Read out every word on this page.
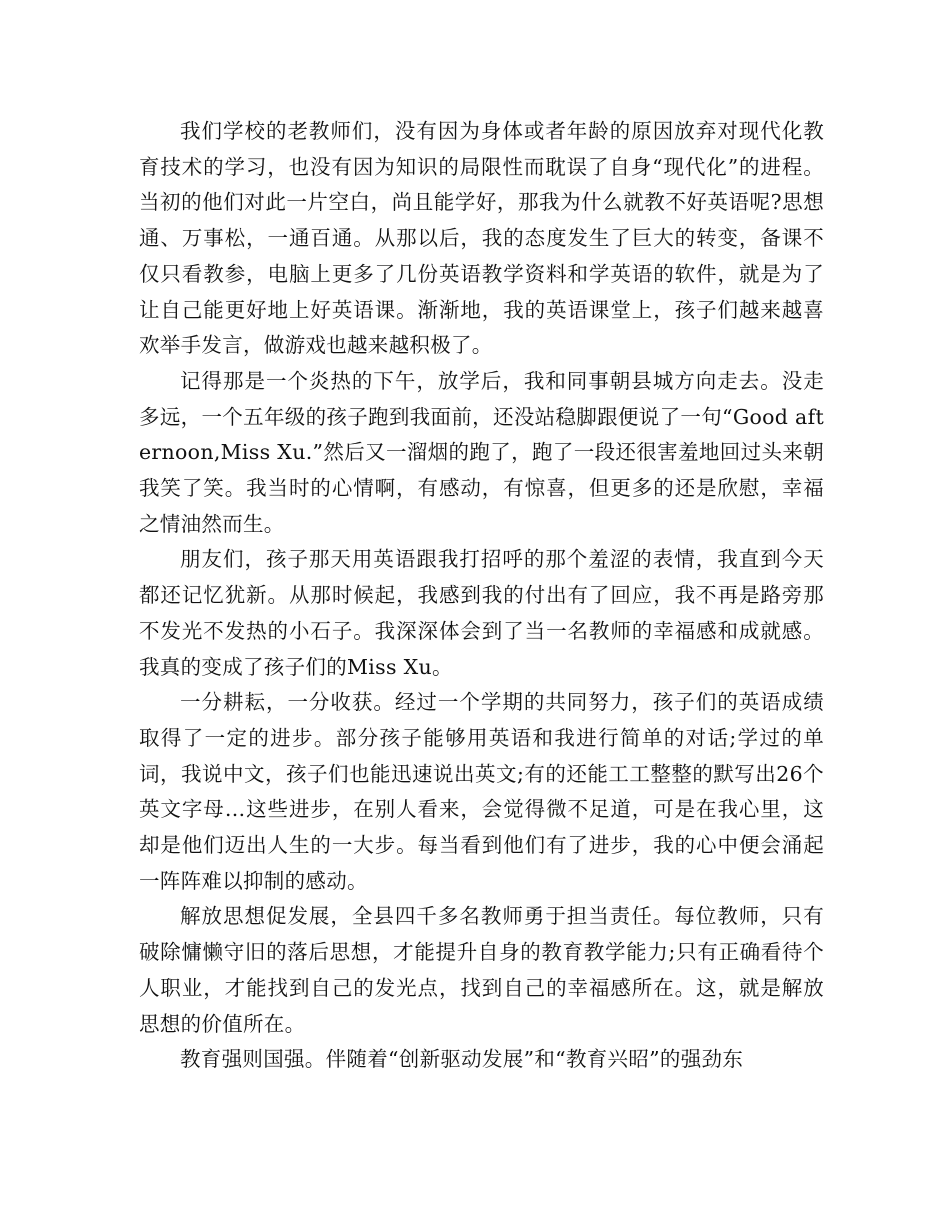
我们学校的老教师们，没有因为身体或者年龄的原因放弃对现代化教育技术的学习，也没有因为知识的局限性而耽误了自身“现代化”的进程。当初的他们对此一片空白，尚且能学好，那我为什么就教不好英语呢?思想通、万事松，一通百通。从那以后，我的态度发生了巨大的转变，备课不仅只看教参，电脑上更多了几份英语教学资料和学英语的软件，就是为了让自己能更好地上好英语课。渐渐地，我的英语课堂上，孩子们越来越喜欢举手发言，做游戏也越来越积极了。

记得那是一个炎热的下午，放学后，我和同事朝县城方向走去。没走多远，一个五年级的孩子跑到我面前，还没站稳脚跟便说了一句“Good afternoon,Miss Xu.”然后又一溜烟的跑了，跑了一段还很害羞地回过头来朝我笑了笑。我当时的心情啊，有感动，有惊喜，但更多的还是欣慰，幸福之情油然而生。

朋友们，孩子那天用英语跟我打招呼的那个羞涩的表情，我直到今天都还记忆犹新。从那时候起，我感到我的付出有了回应，我不再是路旁那不发光不发热的小石子。我深深体会到了当一名教师的幸福感和成就感。我真的变成了孩子们的Miss Xu。

一分耕耘，一分收获。经过一个学期的共同努力，孩子们的英语成绩取得了一定的进步。部分孩子能够用英语和我进行简单的对话;学过的单词，我说中文，孩子们也能迅速说出英文;有的还能工工整整的默写出26个英文字母…这些进步，在别人看来，会觉得微不足道，可是在我心里，这却是他们迈出人生的一大步。每当看到他们有了进步，我的心中便会涌起一阵阵难以抑制的感动。

解放思想促发展，全县四千多名教师勇于担当责任。每位教师，只有破除慵懒守旧的落后思想，才能提升自身的教育教学能力;只有正确看待个人职业，才能找到自己的发光点，找到自己的幸福感所在。这，就是解放思想的价值所在。

教育强则国强。伴随着“创新驱动发展”和“教育兴昭”的强劲东
